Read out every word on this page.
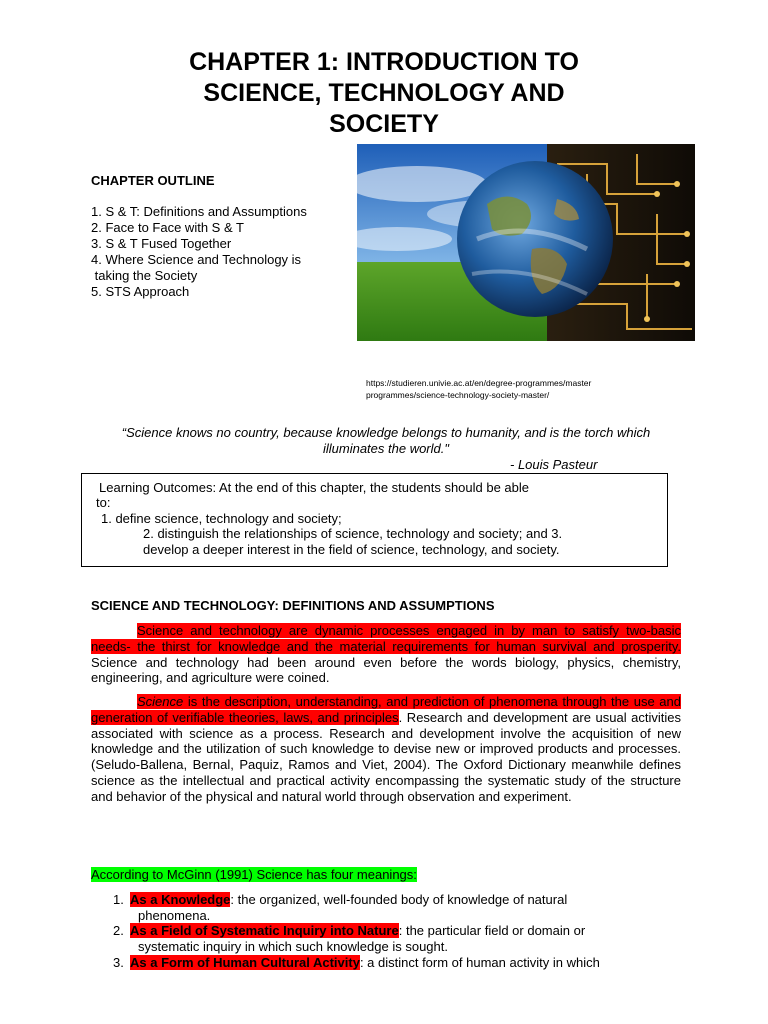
CHAPTER 1: INTRODUCTION TO
SCIENCE, TECHNOLOGY AND
SOCIETY
CHAPTER OUTLINE
1. S & T: Definitions and Assumptions
2. Face to Face with S & T
3. S & T Fused Together
4. Where Science and Technology is
taking the Society
5. STS Approach
https://studieren.univie.ac.at/en/degree-programmes/master
programmes/science-technology-society-master/
“Science knows no country, because knowledge belongs to humanity, and is the torch which illuminates the world."
- Louis Pasteur
Learning Outcomes: At the end of this chapter, the students should be able
to:
1. define science, technology and society;
2. distinguish the relationships of science, technology and society; and 3.
develop a deeper interest in the field of science, technology, and society.
SCIENCE AND TECHNOLOGY: DEFINITIONS AND ASSUMPTIONS
Science and technology are dynamic processes engaged in by man to satisfy two-basic needs- the thirst for knowledge and the material requirements for human survival and prosperity. Science and technology had been around even before the words biology, physics, chemistry, engineering, and agriculture were coined.
Science is the description, understanding, and prediction of phenomena through the use and generation of verifiable theories, laws, and principles. Research and development are usual activities associated with science as a process. Research and development involve the acquisition of new knowledge and the utilization of such knowledge to devise new or improved products and processes. (Seludo-Ballena, Bernal, Paquiz, Ramos and Viet, 2004). The Oxford Dictionary meanwhile defines science as the intellectual and practical activity encompassing the systematic study of the structure and behavior of the physical and natural world through observation and experiment.
According to McGinn (1991) Science has four meanings:
1. As a Knowledge: the organized, well-founded body of knowledge of natural
phenomena.
2. As a Field of Systematic Inquiry into Nature: the particular field or domain or
systematic inquiry in which such knowledge is sought.
3. As a Form of Human Cultural Activity: a distinct form of human activity in which
